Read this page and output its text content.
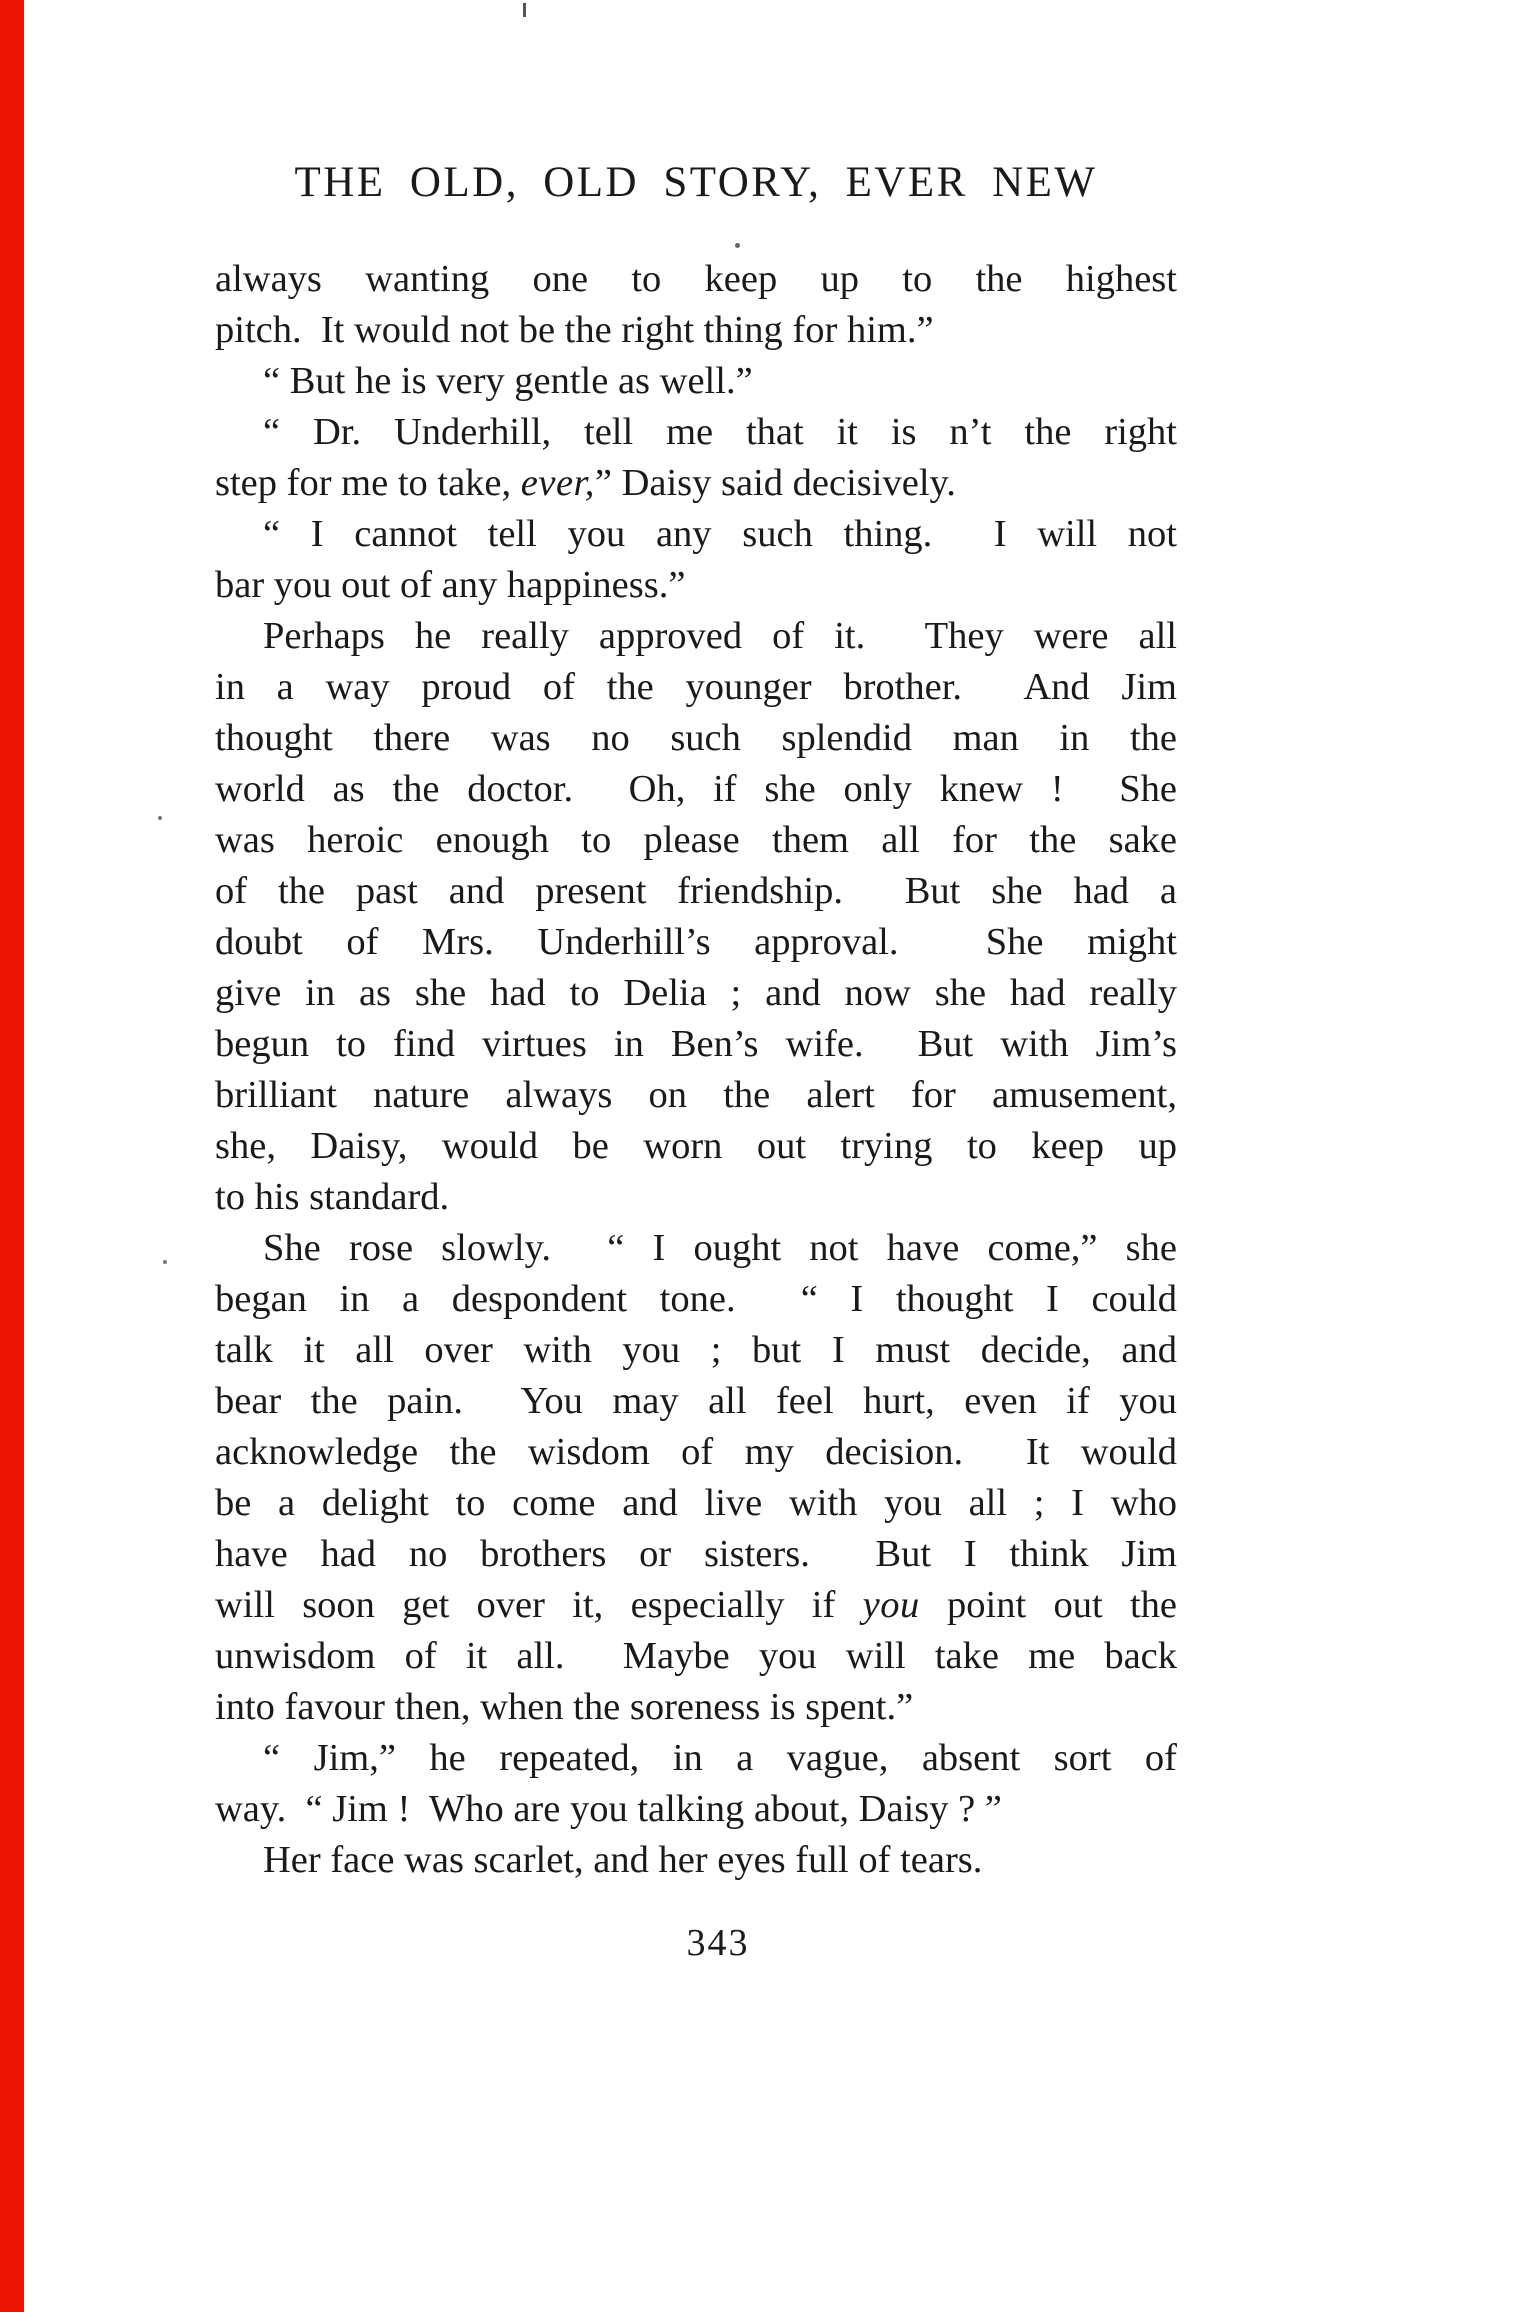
THE OLD, OLD STORY, EVER NEW
always wanting one to keep up to the highest
pitch.  It would not be the right thing for him.”
“ But he is very gentle as well.”
“ Dr. Underhill, tell me that it is n’t the right
step for me to take, ever,” Daisy said decisively.
“ I cannot tell you any such thing.  I will not
bar you out of any happiness.”
Perhaps he really approved of it.  They were all
in a way proud of the younger brother.  And Jim
thought there was no such splendid man in the
world as the doctor.  Oh, if she only knew !  She
was heroic enough to please them all for the sake
of the past and present friendship.  But she had a
doubt of Mrs. Underhill’s approval.  She might
give in as she had to Delia ; and now she had really
begun to find virtues in Ben’s wife.  But with Jim’s
brilliant nature always on the alert for amusement,
she, Daisy, would be worn out trying to keep up
to his standard.
She rose slowly.  “ I ought not have come,” she
began in a despondent tone.  “ I thought I could
talk it all over with you ; but I must decide, and
bear the pain.  You may all feel hurt, even if you
acknowledge the wisdom of my decision.  It would
be a delight to come and live with you all ; I who
have had no brothers or sisters.  But I think Jim
will soon get over it, especially if you point out the
unwisdom of it all.  Maybe you will take me back
into favour then, when the soreness is spent.”
“ Jim,” he repeated, in a vague, absent sort of
way.  “ Jim !  Who are you talking about, Daisy ? ”
Her face was scarlet, and her eyes full of tears.
343
